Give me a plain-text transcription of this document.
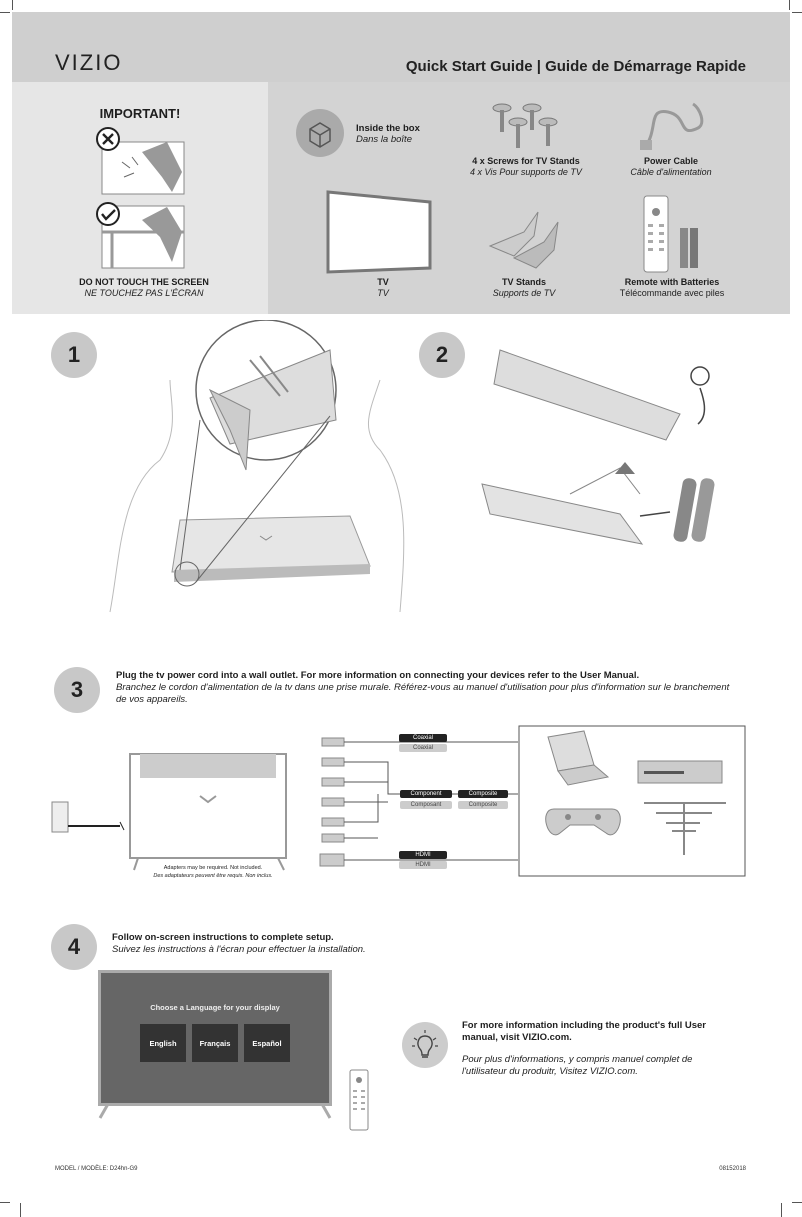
VIZIO	Quick Start Guide | Guide de Démarrage Rapide
IMPORTANT!
DO NOT TOUCH THE SCREEN
NE TOUCHEZ PAS L'ÉCRAN
Inside the box
Dans la boîte
4 x Screws for TV Stands
4 x Vis Pour supports de TV
Power Cable
Câble d'alimentation
TV
TV
TV Stands
Supports de TV
Remote with Batteries
Télécommande avec piles
1	2
3
Plug the tv power cord into a wall outlet. For more information on connecting your devices refer to the User Manual.
Branchez le cordon d'alimentation de la tv dans une prise murale. Référez-vous au manuel d'utilisation pour plus d'information sur le branchement de vos appareils.
Adapters may be required. Not included.
Des adaptateurs peuvent être requis. Non inclus.
Coaxial
Coaxial
Component
Composant
Composite
Composite
HDMI
HDMI
4	Follow on-screen instructions to complete setup.
Suivez les instructions à l'écran pour effectuer la installation.
Choose a Language for your display
English	Français	Español
For more information including the product's full User manual, visit VIZIO.com.
Pour plus d'informations, y compris manuel complet de l'utilisateur du produitr, Visitez VIZIO.com.
MODEL / MODÈLE: D24hn-G9	08152018
